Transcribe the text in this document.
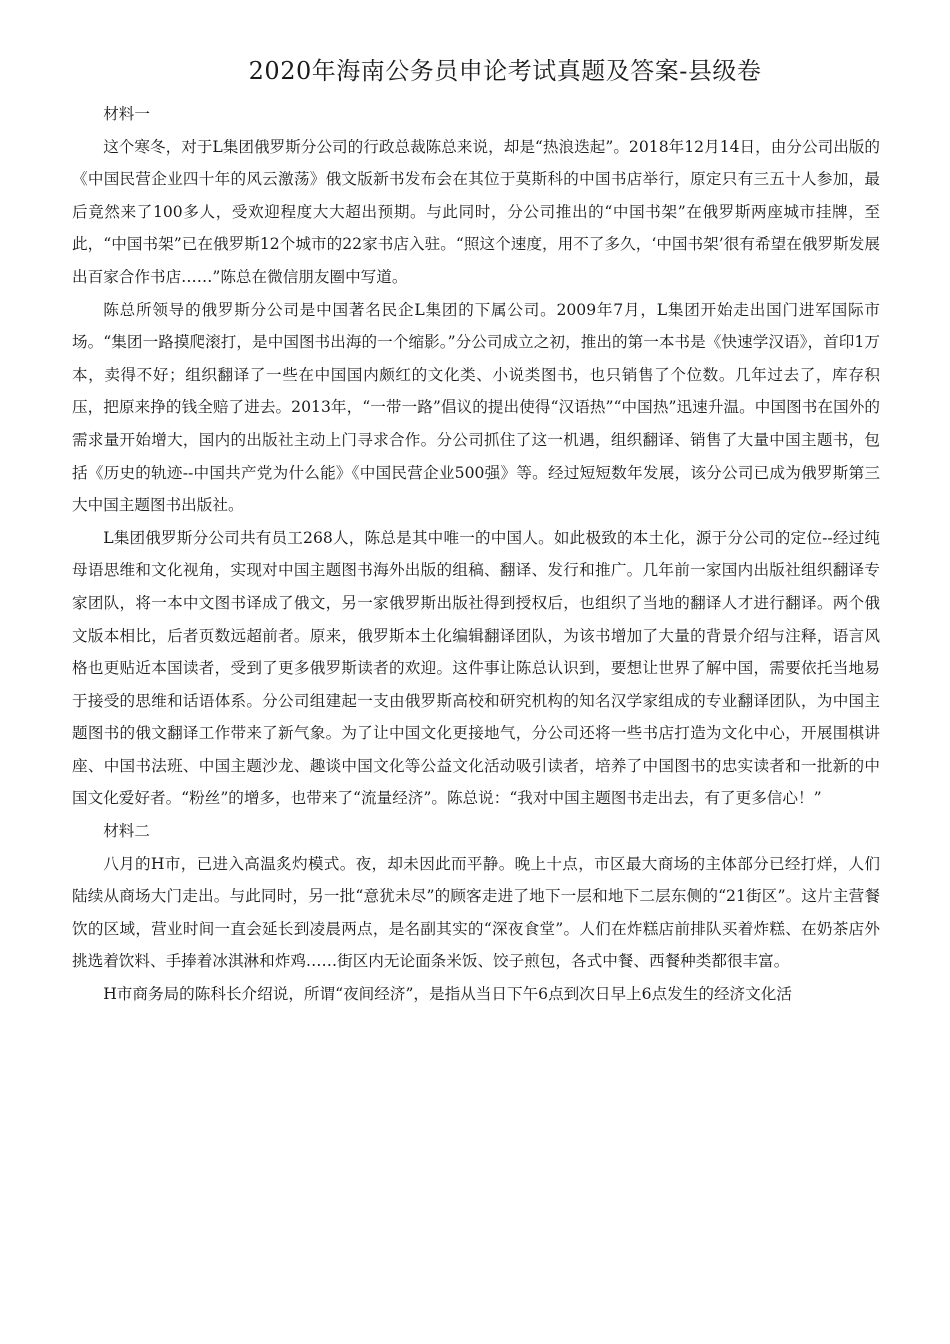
2020年海南公务员申论考试真题及答案-县级卷

材料一

这个寒冬，对于L集团俄罗斯分公司的行政总裁陈总来说，却是“热浪迭起”。2018年12月14日，由分公司出版的《中国民营企业四十年的风云激荡》俄文版新书发布会在其位于莫斯科的中国书店举行，原定只有三五十人参加，最后竟然来了100多人，受欢迎程度大大超出预期。与此同时，分公司推出的“中国书架”在俄罗斯两座城市挂牌，至此，“中国书架”已在俄罗斯12个城市的22家书店入驻。“照这个速度，用不了多久，‘中国书架’很有希望在俄罗斯发展出百家合作书店……”陈总在微信朋友圈中写道。

陈总所领导的俄罗斯分公司是中国著名民企L集团的下属公司。2009年7月，L集团开始走出国门进军国际市场。“集团一路摸爬滚打，是中国图书出海的一个缩影。”分公司成立之初，推出的第一本书是《快速学汉语》，首印1万本，卖得不好；组织翻译了一些在中国国内颇红的文化类、小说类图书，也只销售了个位数。几年过去了，库存积压，把原来挣的钱全赔了进去。2013年，“一带一路”倡议的提出使得“汉语热”“中国热”迅速升温。中国图书在国外的需求量开始增大，国内的出版社主动上门寻求合作。分公司抓住了这一机遇，组织翻译、销售了大量中国主题书，包括《历史的轨迹--中国共产党为什么能》《中国民营企业500强》等。经过短短数年发展，该分公司已成为俄罗斯第三大中国主题图书出版社。

L集团俄罗斯分公司共有员工268人，陈总是其中唯一的中国人。如此极致的本土化，源于分公司的定位--经过纯母语思维和文化视角，实现对中国主题图书海外出版的组稿、翻译、发行和推广。几年前一家国内出版社组织翻译专家团队，将一本中文图书译成了俄文，另一家俄罗斯出版社得到授权后，也组织了当地的翻译人才进行翻译。两个俄文版本相比，后者页数远超前者。原来，俄罗斯本土化编辑翻译团队，为该书增加了大量的背景介绍与注释，语言风格也更贴近本国读者，受到了更多俄罗斯读者的欢迎。这件事让陈总认识到，要想让世界了解中国，需要依托当地易于接受的思维和话语体系。分公司组建起一支由俄罗斯高校和研究机构的知名汉学家组成的专业翻译团队，为中国主题图书的俄文翻译工作带来了新气象。为了让中国文化更接地气，分公司还将一些书店打造为文化中心，开展围棋讲座、中国书法班、中国主题沙龙、趣谈中国文化等公益文化活动吸引读者，培养了中国图书的忠实读者和一批新的中国文化爱好者。“粉丝”的增多，也带来了“流量经济”。陈总说：“我对中国主题图书走出去，有了更多信心！”

材料二

八月的H市，已进入高温炙灼模式。夜，却未因此而平静。晚上十点，市区最大商场的主体部分已经打烊，人们陆续从商场大门走出。与此同时，另一批“意犹未尽”的顾客走进了地下一层和地下二层东侧的“21街区”。这片主营餐饮的区域，营业时间一直会延长到凌晨两点，是名副其实的“深夜食堂”。人们在炸糕店前排队买着炸糕、在奶茶店外挑选着饮料、手捧着冰淇淋和炸鸡……街区内无论面条米饭、饺子煎包，各式中餐、西餐种类都很丰富。

H市商务局的陈科长介绍说，所谓“夜间经济”，是指从当日下午6点到次日早上6点发生的经济文化活
